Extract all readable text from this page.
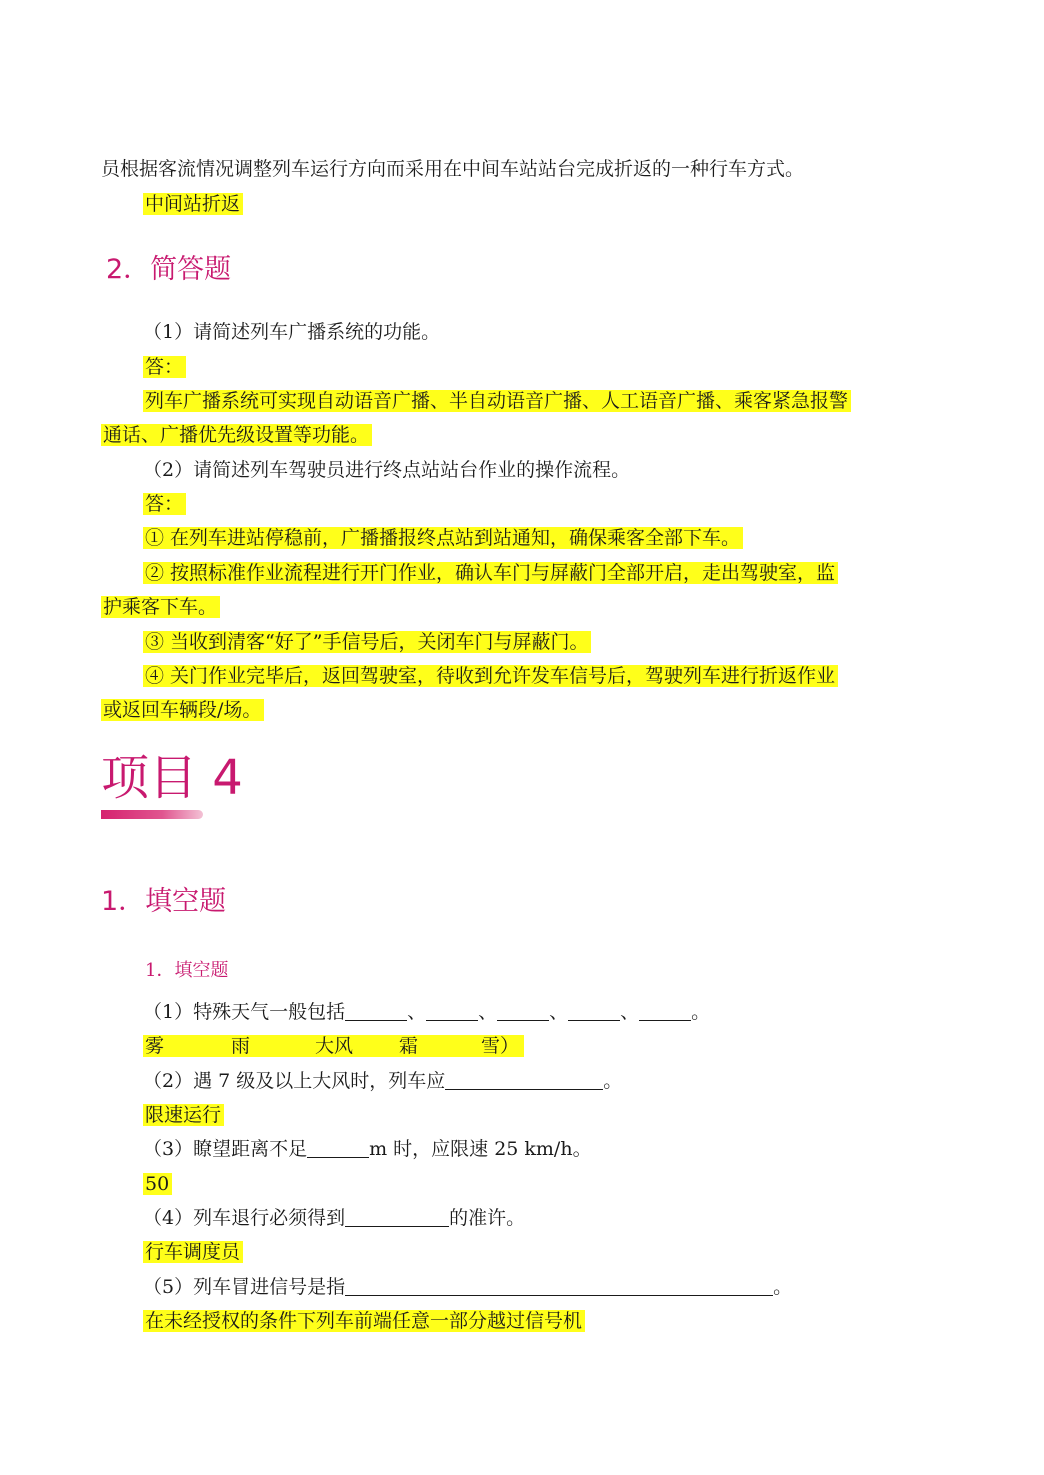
员根据客流情况调整列车运行方向而采用在中间车站站台完成折返的一种行车方式。
中间站折返
2．简答题
（1）请简述列车广播系统的功能。
答：
列车广播系统可实现自动语音广播、半自动语音广播、人工语音广播、乘客紧急报警
通话、广播优先级设置等功能。
（2）请简述列车驾驶员进行终点站站台作业的操作流程。
答：
① 在列车进站停稳前，广播播报终点站到站通知，确保乘客全部下车。
② 按照标准作业流程进行开门作业，确认车门与屏蔽门全部开启，走出驾驶室，监
护乘客下车。
③ 当收到清客“好了”手信号后，关闭车门与屏蔽门。
④ 关门作业完毕后，返回驾驶室，待收到允许发车信号后，驾驶列车进行折返作业
或返回车辆段/场。
项目 4
1．填空题
1．填空题
（1）特殊天气一般包括	、	、	、	、	。
雾	雨	大风 霜	雪）
（2）遇 7 级及以上大风时，列车应	。
限速运行
（3）瞭望距离不足	m 时，应限速 25 km/h。
50
（4）列车退行必须得到	的准许。
行车调度员
（5）列车冒进信号是指	。
在未经授权的条件下列车前端任意一部分越过信号机
